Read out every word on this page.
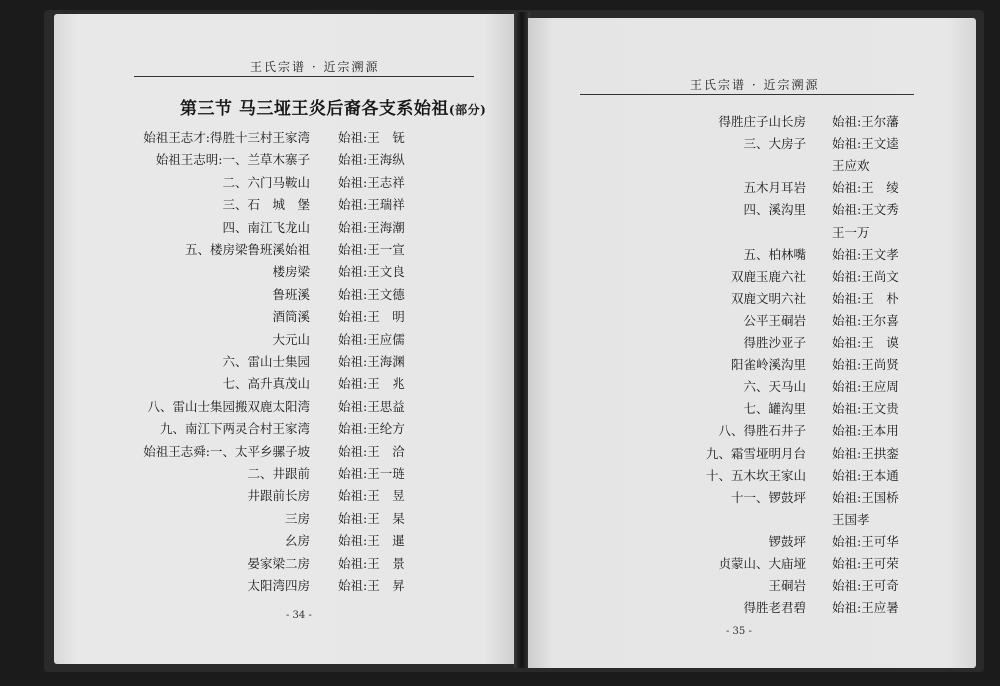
王氏宗谱 · 近宗溯源
第三节 马三垭王炎后裔各支系始祖(部分)
始祖王志才:得胜十三村王家湾 始祖:王　䥻
始祖王志明:一、兰草木寨子 始祖:王海纵
二、六门马鞍山 始祖:王志祥
三、石　城　堡 始祖:王瑞祥
四、南江飞龙山 始祖:王海潮
五、楼房梁鲁班溪始祖 始祖:王一宣
楼房梁 始祖:王文良
鲁班溪 始祖:王文德
酒筒溪 始祖:王　明
大元山 始祖:王应儒
六、雷山士集园 始祖:王海渊
七、高升真茂山 始祖:王　兆
八、雷山士集园搬双鹿太阳湾 始祖:王思益
九、南江下两灵合村王家湾 始祖:王纶方
始祖王志舜:一、太平乡骡子坡 始祖:王　洽
二、井跟前 始祖:王一琏
井跟前长房 始祖:王　昱
三房 始祖:王　杲
幺房 始祖:王　暹
晏家梁二房 始祖:王　景
太阳湾四房 始祖:王　昇
- 34 -
王氏宗谱 · 近宗溯源
得胜庄子山长房 始祖:王尔藩
三、大房子 始祖:王文逵
王应欢
五木月耳岩 始祖:王　绫
四、溪沟里 始祖:王文秀
王一万
五、柏林嘴 始祖:王文孝
双鹿玉鹿六社 始祖:王尚文
双鹿文明六社 始祖:王　朴
公平王硐岩 始祖:王尔喜
得胜沙亚子 始祖:王　谟
阳雀岭溪沟里 始祖:王尚贤
六、天马山 始祖:王应周
七、罐沟里 始祖:王文贵
八、得胜石井子 始祖:王本用
九、霜雪垭明月台 始祖:王拱銮
十、五木坎王家山 始祖:王本通
十一、锣鼓坪 始祖:王国桥
王国孝
锣鼓坪 始祖:王可华
贞蒙山、大庙垭 始祖:王可荣
王硐岩 始祖:王可奇
得胜老君碧 始祖:王应暑
- 35 -
